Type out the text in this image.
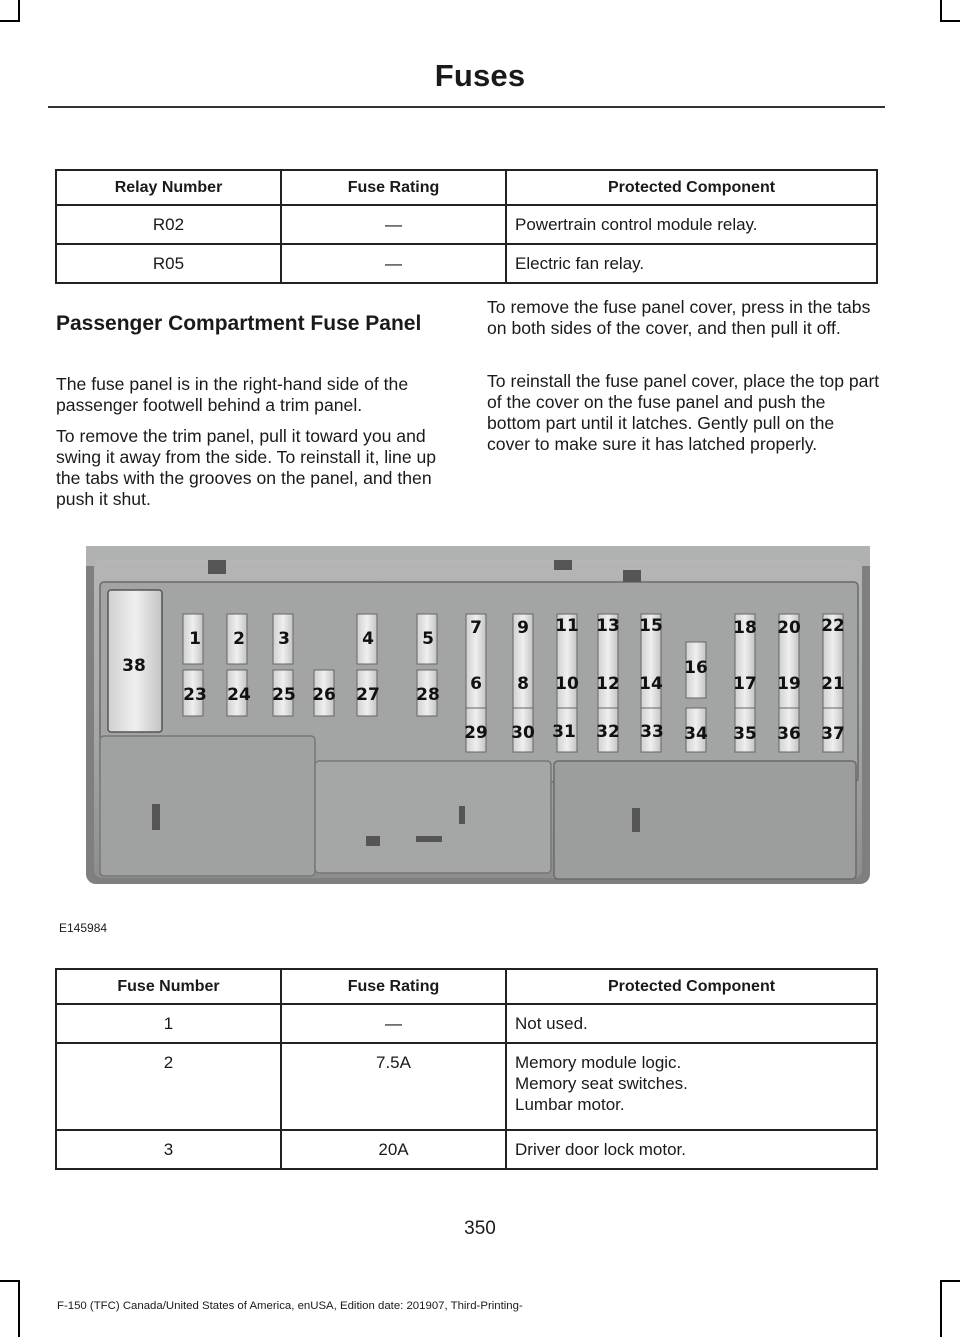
Fuses
Relay Number	Fuse Rating	Protected Component
R02	—	Powertrain control module relay.
R05	—	Electric fan relay.
Passenger Compartment Fuse Panel

The fuse panel is in the right-hand side of the passenger footwell behind a trim panel.

To remove the trim panel, pull it toward you and swing it away from the side. To reinstall it, line up the tabs with the grooves on the panel, and then push it shut.

To remove the fuse panel cover, press in the tabs on both sides of the cover, and then pull it off.

To reinstall the fuse panel cover, place the top part of the cover on the fuse panel and push the bottom part until it latches. Gently pull on the cover to make sure it has latched properly.

1 2 3	4	5
6
7
8
9
10
11
12
13
14
15
16
17
18
19
20
21
22
23 24 25 26 27 28
29 30 31 32 33 34 35 36 37
38
E145984
Fuse Number	Fuse Rating	Protected Component
1	—	Not used.

2	7.5A	Memory module logic.
Memory seat switches.
Lumbar motor.

3	20A	Driver door lock motor.
350
F-150 (TFC) Canada/United States of America, enUSA, Edition date: 201907, Third-Printing-
